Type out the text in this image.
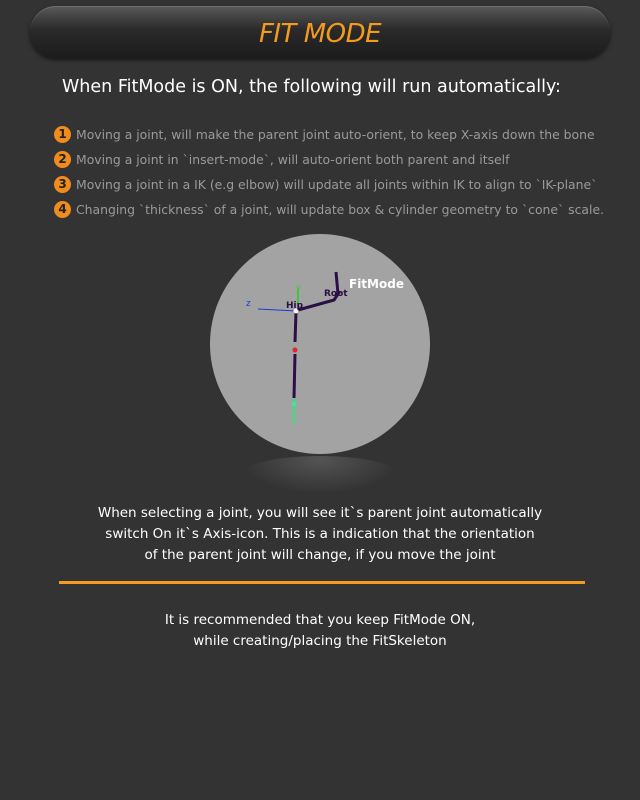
FIT MODE
When FitMode is ON, the following will run automatically:
1 Moving a joint, will make the parent joint auto-orient, to keep X-axis down the bone
2 Moving a joint in `insert-mode`, will auto-orient both parent and itself
3 Moving a joint in a IK (e.g elbow) will update all joints within IK to align to `IK-plane`
4 Changing `thickness` of a joint, will update box & cylinder geometry to `cone` scale.
z
y
Hip
Root
FitMode
When selecting a joint, you will see it`s parent joint automatically
switch On it`s Axis-icon. This is a indication that the orientation
of the parent joint will change, if you move the joint
It is recommended that you keep FitMode ON,
while creating/placing the FitSkeleton
